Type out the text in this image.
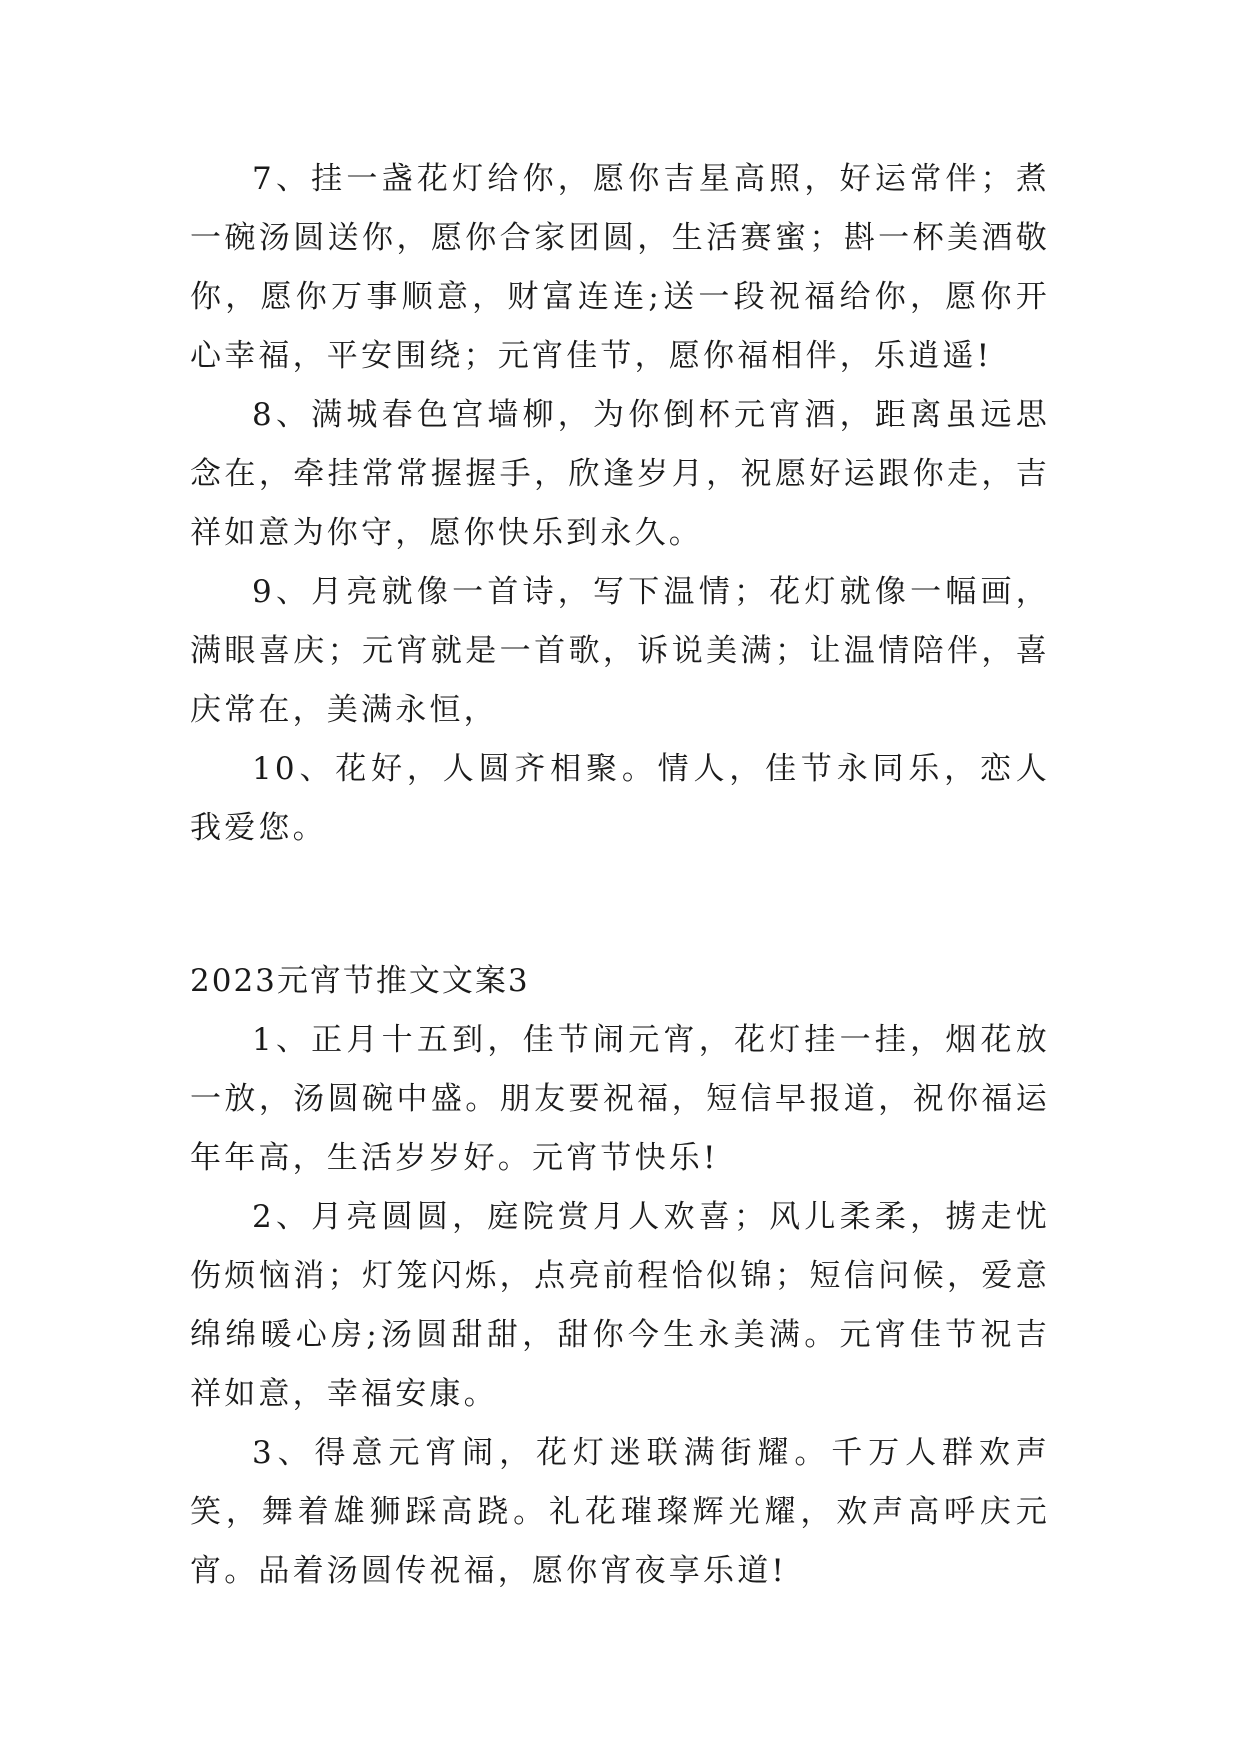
7、挂一盏花灯给你，愿你吉星高照，好运常伴；煮一碗汤圆送你，愿你合家团圆，生活赛蜜；斟一杯美酒敬你，愿你万事顺意，财富连连;送一段祝福给你，愿你开心幸福，平安围绕；元宵佳节，愿你福相伴，乐逍遥!

8、满城春色宫墙柳，为你倒杯元宵酒，距离虽远思念在，牵挂常常握握手，欣逢岁月，祝愿好运跟你走，吉祥如意为你守，愿你快乐到永久。

9、月亮就像一首诗，写下温情；花灯就像一幅画，满眼喜庆；元宵就是一首歌，诉说美满；让温情陪伴，喜庆常在，美满永恒，

10、花好，人圆齐相聚。情人，佳节永同乐，恋人我爱您。

2023元宵节推文文案3

1、正月十五到，佳节闹元宵，花灯挂一挂，烟花放一放，汤圆碗中盛。朋友要祝福，短信早报道，祝你福运年年高，生活岁岁好。元宵节快乐!

2、月亮圆圆，庭院赏月人欢喜；风儿柔柔，掳走忧伤烦恼消；灯笼闪烁，点亮前程恰似锦；短信问候，爱意绵绵暖心房;汤圆甜甜，甜你今生永美满。元宵佳节祝吉祥如意，幸福安康。

3、得意元宵闹，花灯迷联满街耀。千万人群欢声笑，舞着雄狮踩高跷。礼花璀璨辉光耀，欢声高呼庆元宵。品着汤圆传祝福，愿你宵夜享乐道!
